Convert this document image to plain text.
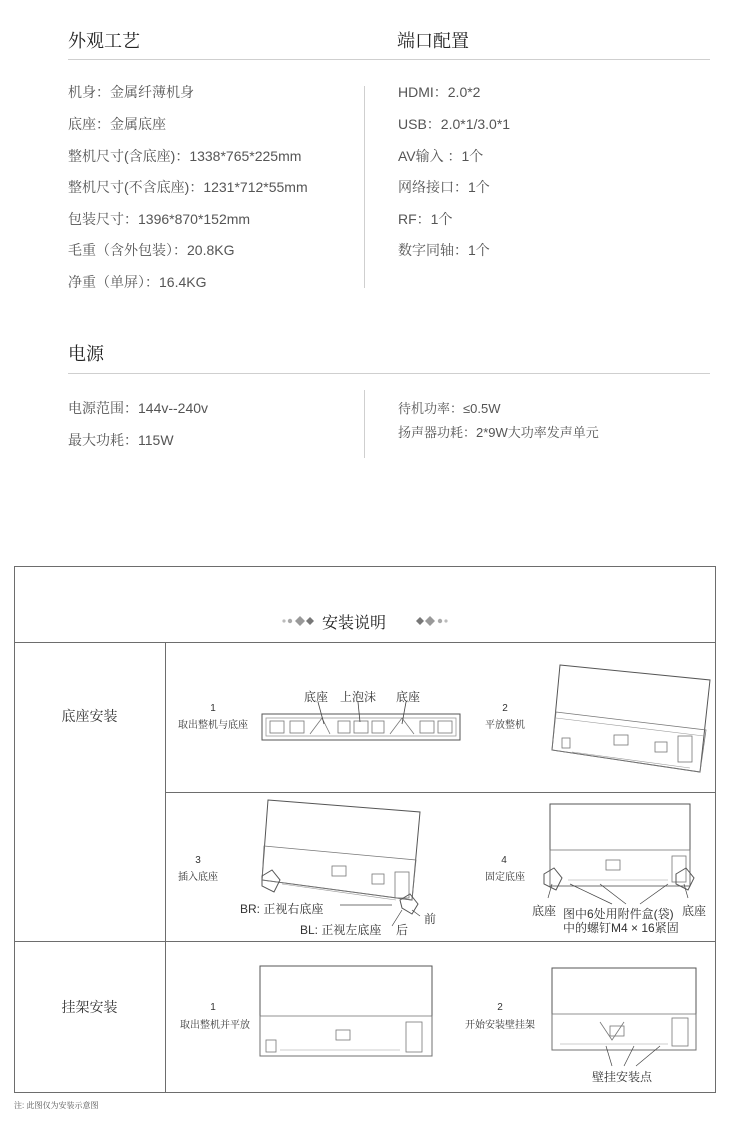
外观工艺	端口配置
机身：金属纤薄机身
底座：金属底座
整机尺寸(含底座)：1338*765*225mm
整机尺寸(不含底座)：1231*712*55mm
包装尺寸：1396*870*152mm
毛重（含外包装）：20.8KG
净重（单屏）：16.4KG
HDMI：2.0*2
USB：2.0*1/3.0*1
AV输入 ：1个
网络接口：1个
RF：1个
数字同轴：1个
电源
电源范围：144v--240v
最大功耗：115W
待机功率：≤0.5W
扬声器功耗：2*9W大功率发声单元
安装说明
底座安装
挂架安装
1
取出整机与底座
2
平放整机
3
插入底座
4
固定底座
1
取出整机并平放
2
开始安装壁挂架
底座 上泡沫 底座
BR: 正视右底座
BL: 正视左底座
前
后
底座 图中6处用附件盒(袋)
中的螺钉M4 × 16紧固
底座
壁挂安装点
注: 此图仅为安装示意图
